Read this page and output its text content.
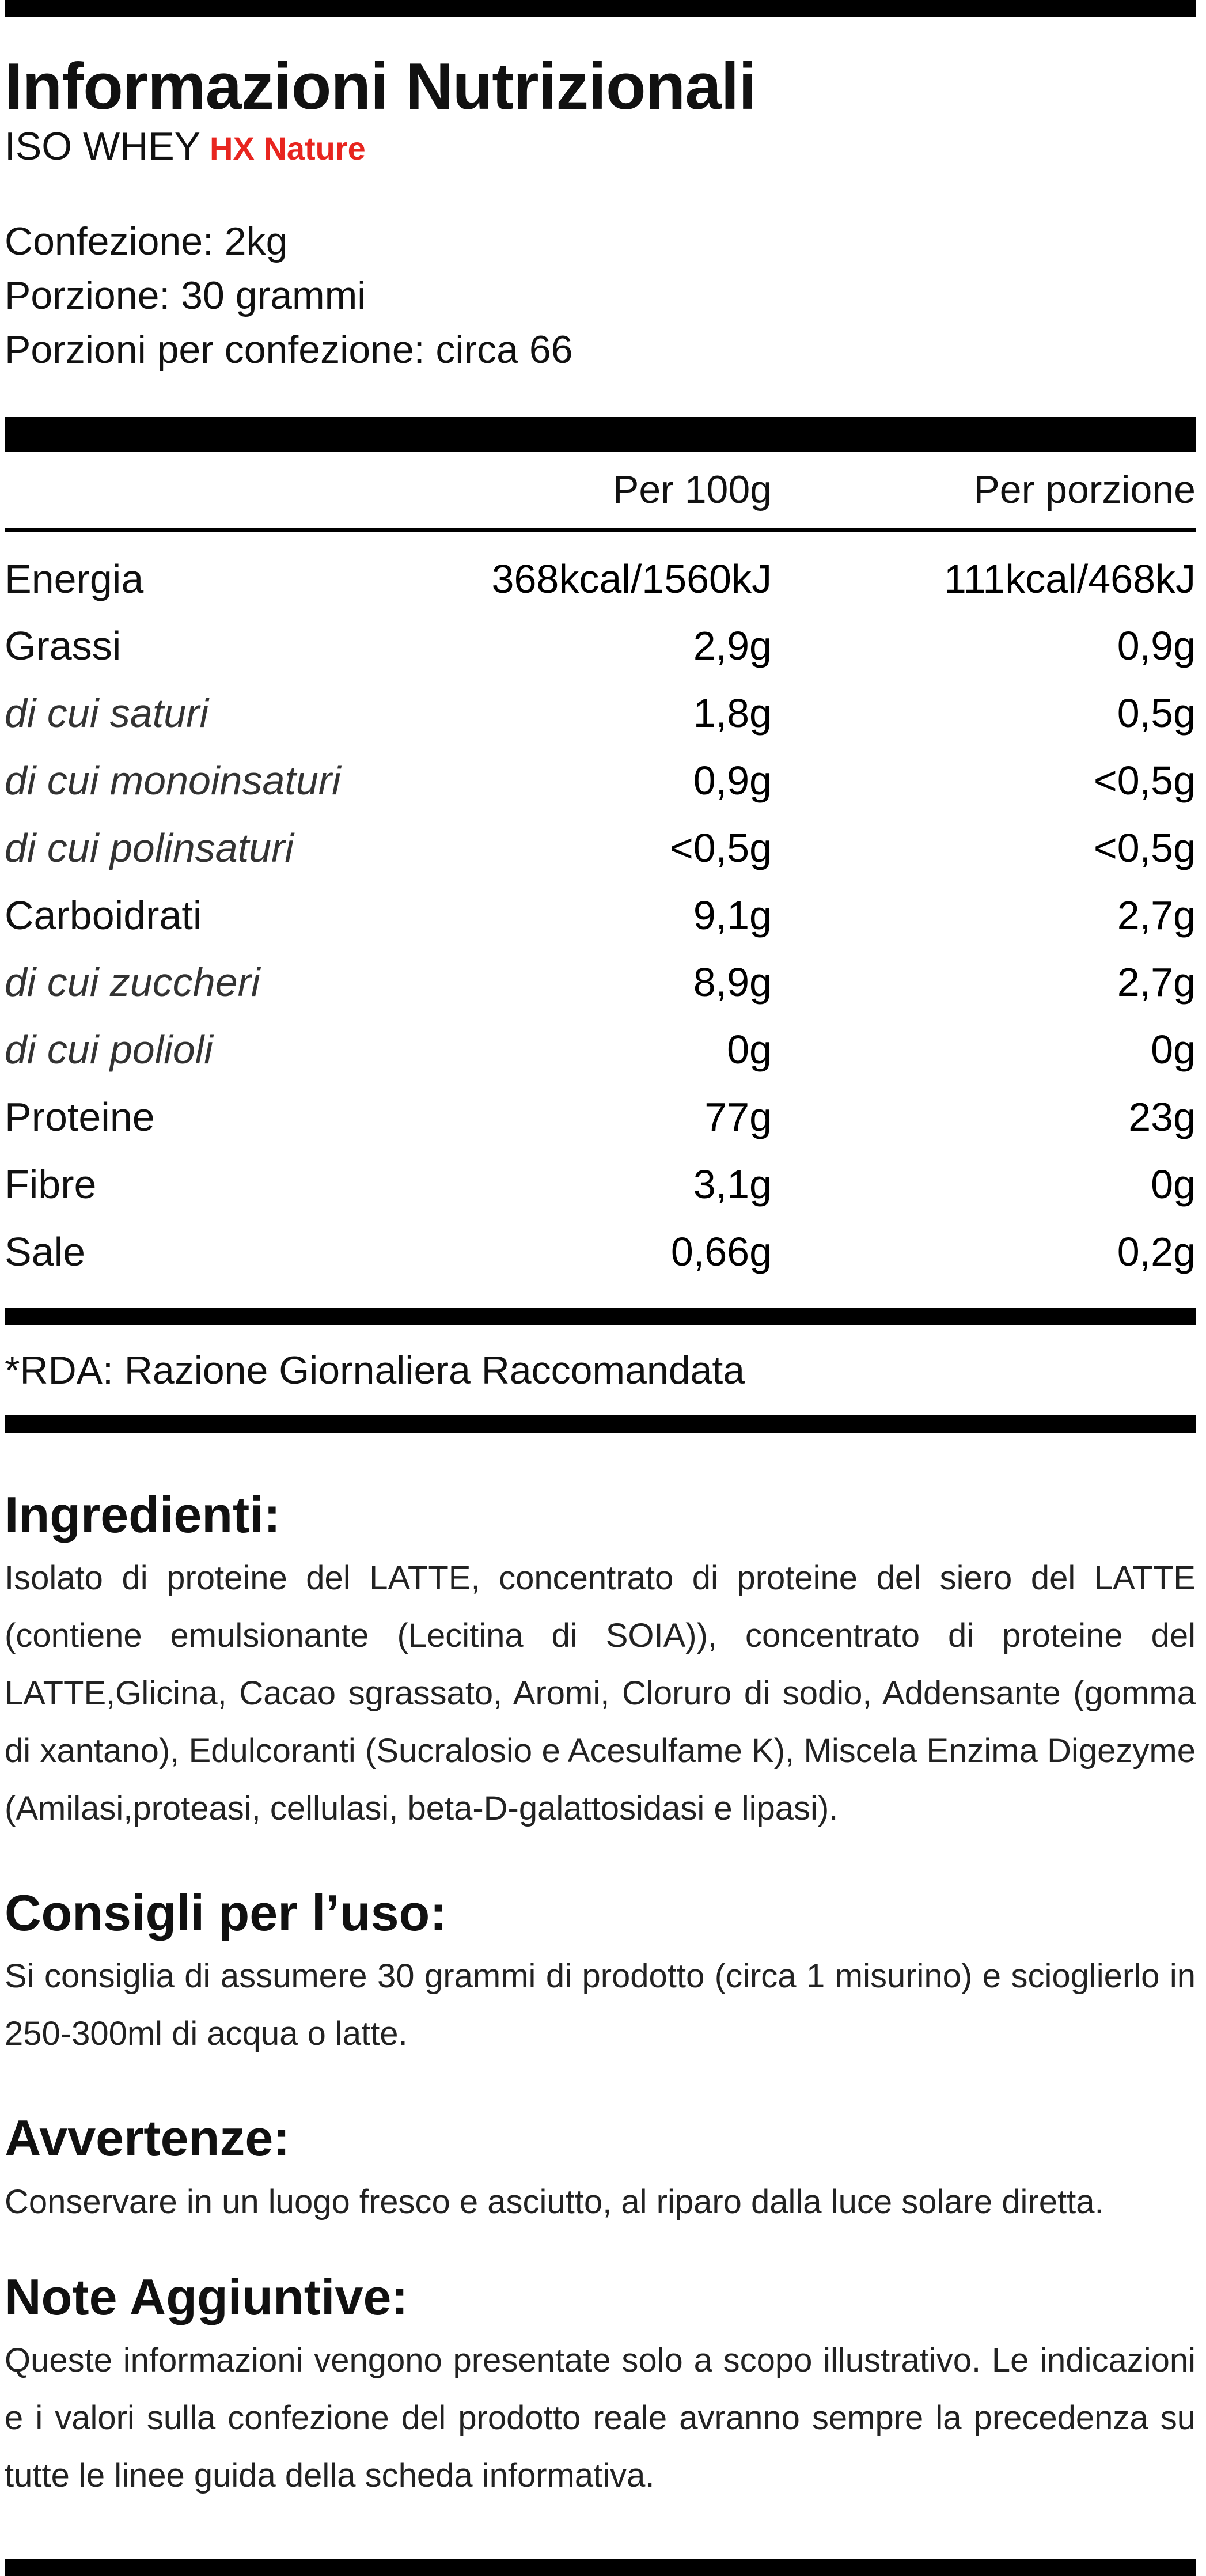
Informazioni Nutrizionali
ISO WHEY HX Nature
Confezione: 2kg
Porzione: 30 grammi
Porzioni per confezione: circa 66
Per 100g	Per porzione
Energia	368kcal/1560kJ	111kcal/468kJ
Grassi	2,9g	0,9g
di cui saturi	1,8g	0,5g
di cui monoinsaturi	0,9g	<0,5g
di cui polinsaturi	<0,5g	<0,5g
Carboidrati	9,1g	2,7g
di cui zuccheri	8,9g	2,7g
di cui polioli	0g	0g
Proteine	77g	23g
Fibre	3,1g	0g
Sale	0,66g	0,2g
*RDA: Razione Giornaliera Raccomandata
Ingredienti:

Isolato di proteine del LATTE, concentrato di proteine del siero del LATTE (contiene emulsionante (Lecitina di SOIA)), concentrato di proteine del LATTE,Glicina, Cacao sgrassato, Aromi, Cloruro di sodio, Addensante (gomma di xantano), Edulcoranti (Sucralosio e Acesulfame K), Miscela Enzima Digezyme (Amilasi,proteasi, cellulasi, beta-D-galattosidasi e lipasi).

Consigli per l’uso:

Si consiglia di assumere 30 grammi di prodotto (circa 1 misurino) e scioglierlo in 250-300ml di acqua o latte.

Avvertenze:

Conservare in un luogo fresco e asciutto, al riparo dalla luce solare diretta.

Note Aggiuntive:

Queste informazioni vengono presentate solo a scopo illustrativo. Le indicazioni e i valori sulla confezione del prodotto reale avranno sempre la precedenza su tutte le linee guida della scheda informativa.
